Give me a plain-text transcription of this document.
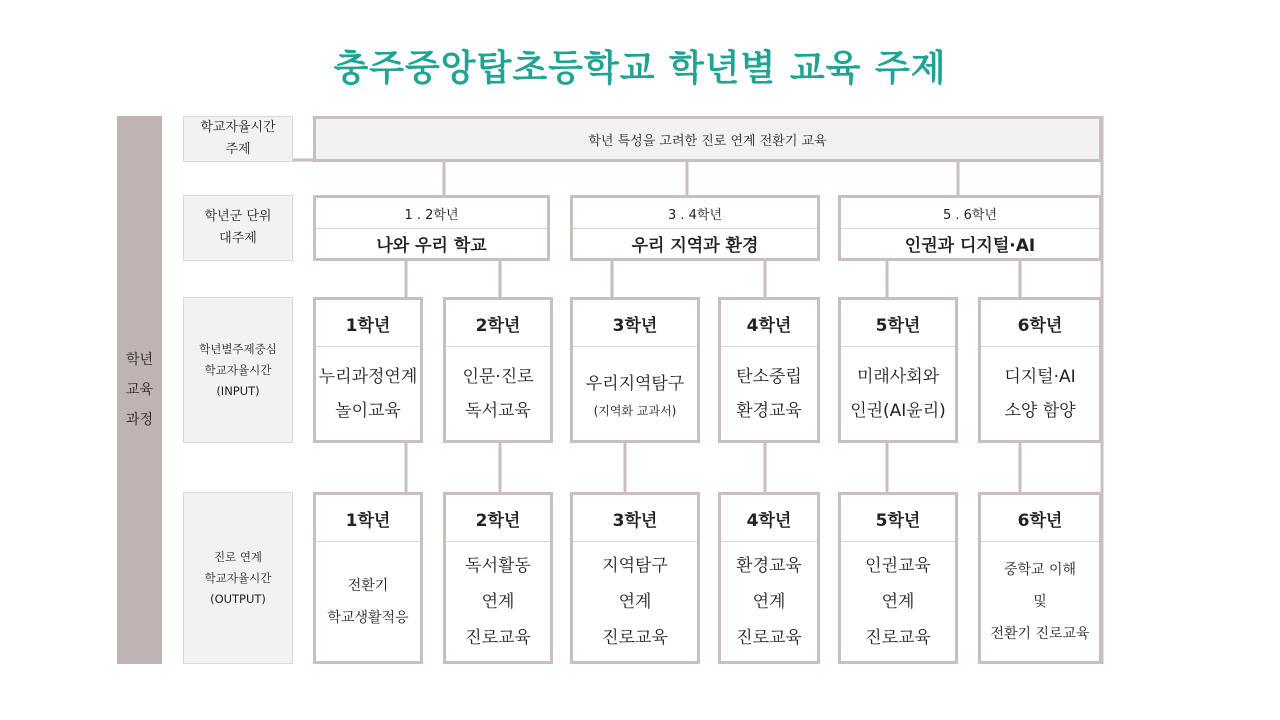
충주중앙탑초등학교 학년별 교육 주제
학년
교육
과정
학교자율시간
주제
학년군 단위
대주제
학년별주제중심
학교자율시간
(INPUT)
진로 연계
학교자율시간
(OUTPUT)
학년 특성을 고려한 진로 연계 전환기 교육
1 . 2학년
나와 우리 학교
3 . 4학년
우리 지역과 환경
5 . 6학년
인권과 디지털·AI
1학년
누리과정연계
놀이교육
2학년
인문·진로
독서교육
3학년
우리지역탐구
(지역화 교과서)
4학년
탄소중립
환경교육
5학년
미래사회와
인권(AI윤리)
6학년
디지털·AI
소양 함양
1학년
전환기
학교생활적응
2학년
독서활동
연계
진로교육
3학년
지역탐구
연계
진로교육
4학년
환경교육
연계
진로교육
5학년
인권교육
연계
진로교육
6학년
중학교 이해
및
전환기 진로교육
